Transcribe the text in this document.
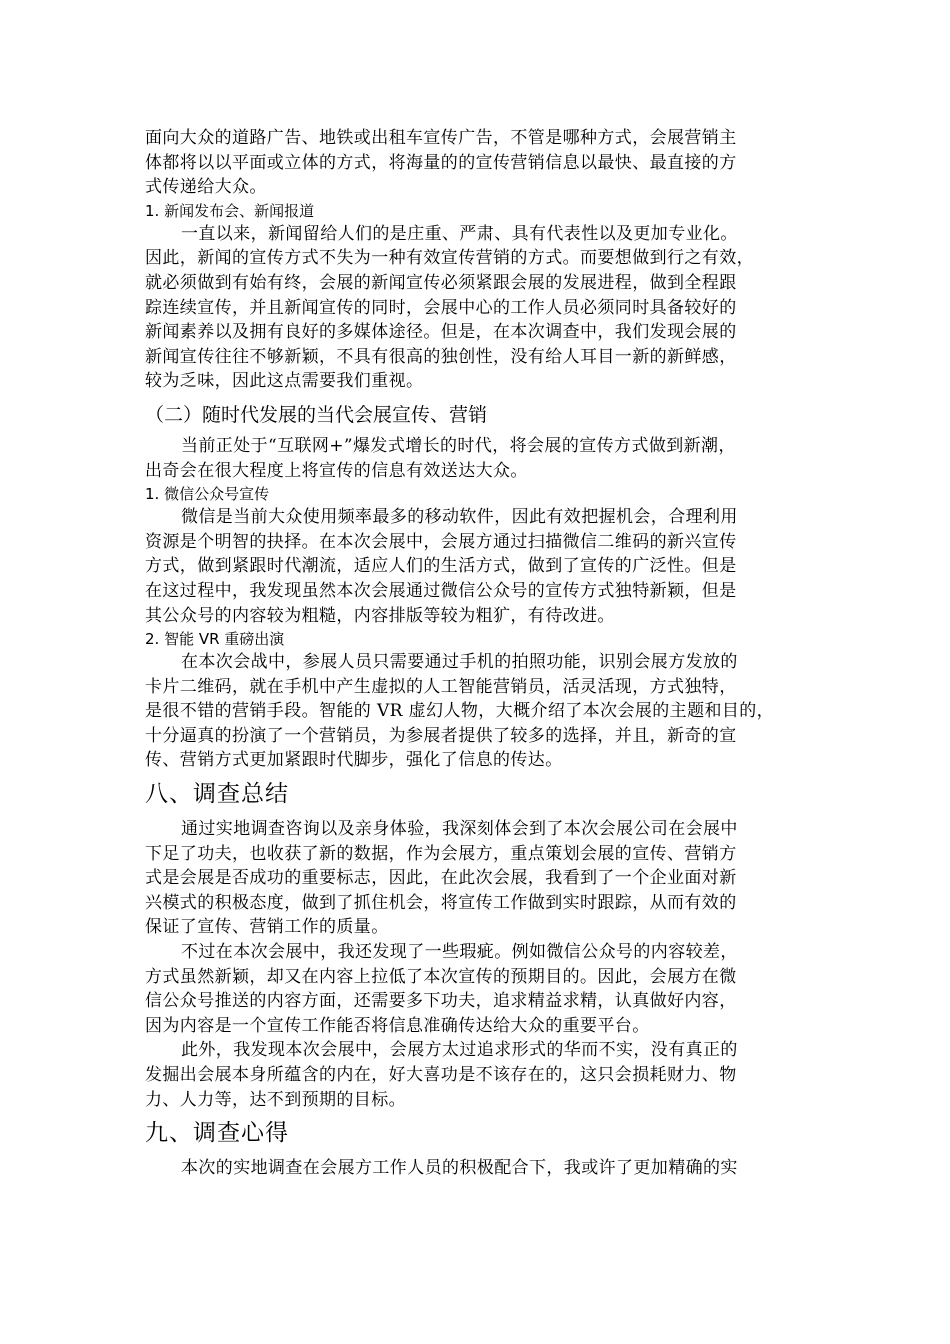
面向大众的道路广告、地铁或出租车宣传广告，不管是哪种方式，会展营销主
体都将以以平面或立体的方式，将海量的的宣传营销信息以最快、最直接的方
式传递给大众。
1. 新闻发布会、新闻报道
一直以来，新闻留给人们的是庄重、严肃、具有代表性以及更加专业化。
因此，新闻的宣传方式不失为一种有效宣传营销的方式。而要想做到行之有效，
就必须做到有始有终，会展的新闻宣传必须紧跟会展的发展进程，做到全程跟
踪连续宣传，并且新闻宣传的同时，会展中心的工作人员必须同时具备较好的
新闻素养以及拥有良好的多媒体途径。但是，在本次调查中，我们发现会展的
新闻宣传往往不够新颖，不具有很高的独创性，没有给人耳目一新的新鲜感，
较为乏味，因此这点需要我们重视。
（二）随时代发展的当代会展宣传、营销
当前正处于“互联网+”爆发式增长的时代，将会展的宣传方式做到新潮，
出奇会在很大程度上将宣传的信息有效送达大众。
1. 微信公众号宣传
微信是当前大众使用频率最多的移动软件，因此有效把握机会，合理利用
资源是个明智的抉择。在本次会展中，会展方通过扫描微信二维码的新兴宣传
方式，做到紧跟时代潮流，适应人们的生活方式，做到了宣传的广泛性。但是
在这过程中，我发现虽然本次会展通过微信公众号的宣传方式独特新颖，但是
其公众号的内容较为粗糙，内容排版等较为粗犷，有待改进。
2. 智能 VR 重磅出演
在本次会战中，参展人员只需要通过手机的拍照功能，识别会展方发放的
卡片二维码，就在手机中产生虚拟的人工智能营销员，活灵活现，方式独特，
是很不错的营销手段。智能的 VR 虚幻人物，大概介绍了本次会展的主题和目的，
十分逼真的扮演了一个营销员，为参展者提供了较多的选择，并且，新奇的宣
传、营销方式更加紧跟时代脚步，强化了信息的传达。
八、调查总结
通过实地调查咨询以及亲身体验，我深刻体会到了本次会展公司在会展中
下足了功夫，也收获了新的数据，作为会展方，重点策划会展的宣传、营销方
式是会展是否成功的重要标志，因此，在此次会展，我看到了一个企业面对新
兴模式的积极态度，做到了抓住机会，将宣传工作做到实时跟踪，从而有效的
保证了宣传、营销工作的质量。
不过在本次会展中，我还发现了一些瑕疵。例如微信公众号的内容较差，
方式虽然新颖，却又在内容上拉低了本次宣传的预期目的。因此，会展方在微
信公众号推送的内容方面，还需要多下功夫，追求精益求精，认真做好内容，
因为内容是一个宣传工作能否将信息准确传达给大众的重要平台。
此外，我发现本次会展中，会展方太过追求形式的华而不实，没有真正的
发掘出会展本身所蕴含的内在，好大喜功是不该存在的，这只会损耗财力、物
力、人力等，达不到预期的目标。
九、调查心得
本次的实地调查在会展方工作人员的积极配合下，我或许了更加精确的实
